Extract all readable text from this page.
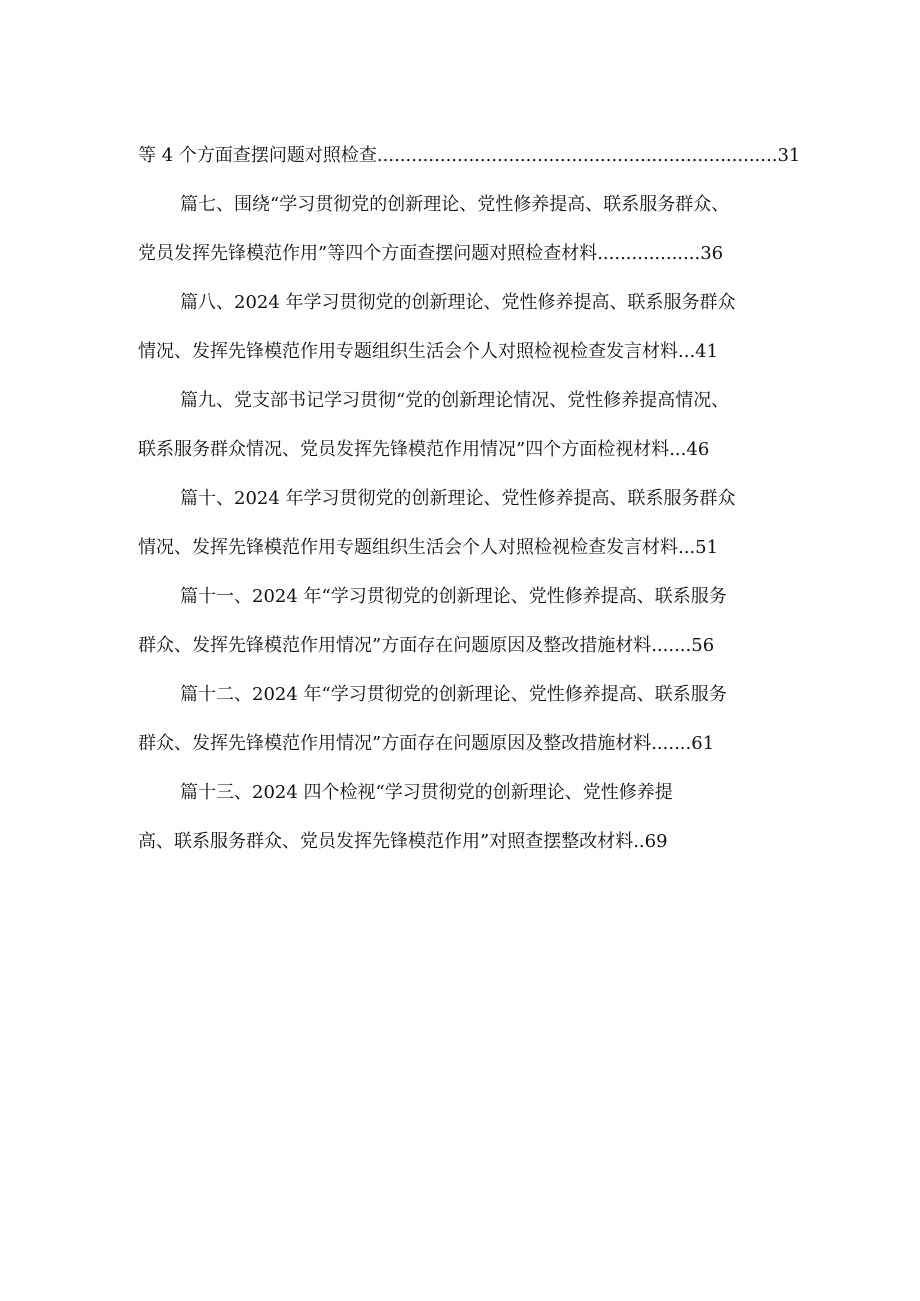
等 4 个方面查摆问题对照检查 ...................................................................... 31
篇七、围绕“学习贯彻党的创新理论、党性修养提高、联系服务群众、
党员发挥先锋模范作用”等四个方面查摆问题对照检查材料 .................. 36
篇八、2024 年学习贯彻党的创新理论、党性修养提高、联系服务群众
情况、发挥先锋模范作用专题组织生活会个人对照检视检查发言材料 ... 41
篇九、党支部书记学习贯彻“党的创新理论情况、党性修养提高情况、
联系服务群众情况、党员发挥先锋模范作用情况”四个方面检视材料 ... 46
篇十、2024 年学习贯彻党的创新理论、党性修养提高、联系服务群众
情况、发挥先锋模范作用专题组织生活会个人对照检视检查发言材料 ... 51
篇十一、2024 年“学习贯彻党的创新理论、党性修养提高、联系服务
群众、发挥先锋模范作用情况”方面存在问题原因及整改措施材料 ....... 56
篇十二、2024 年“学习贯彻党的创新理论、党性修养提高、联系服务
群众、发挥先锋模范作用情况”方面存在问题原因及整改措施材料 ....... 61
篇十三、2024 四个检视“学习贯彻党的创新理论、党性修养提
高、联系服务群众、党员发挥先锋模范作用”对照查摆整改材料 .. 69
